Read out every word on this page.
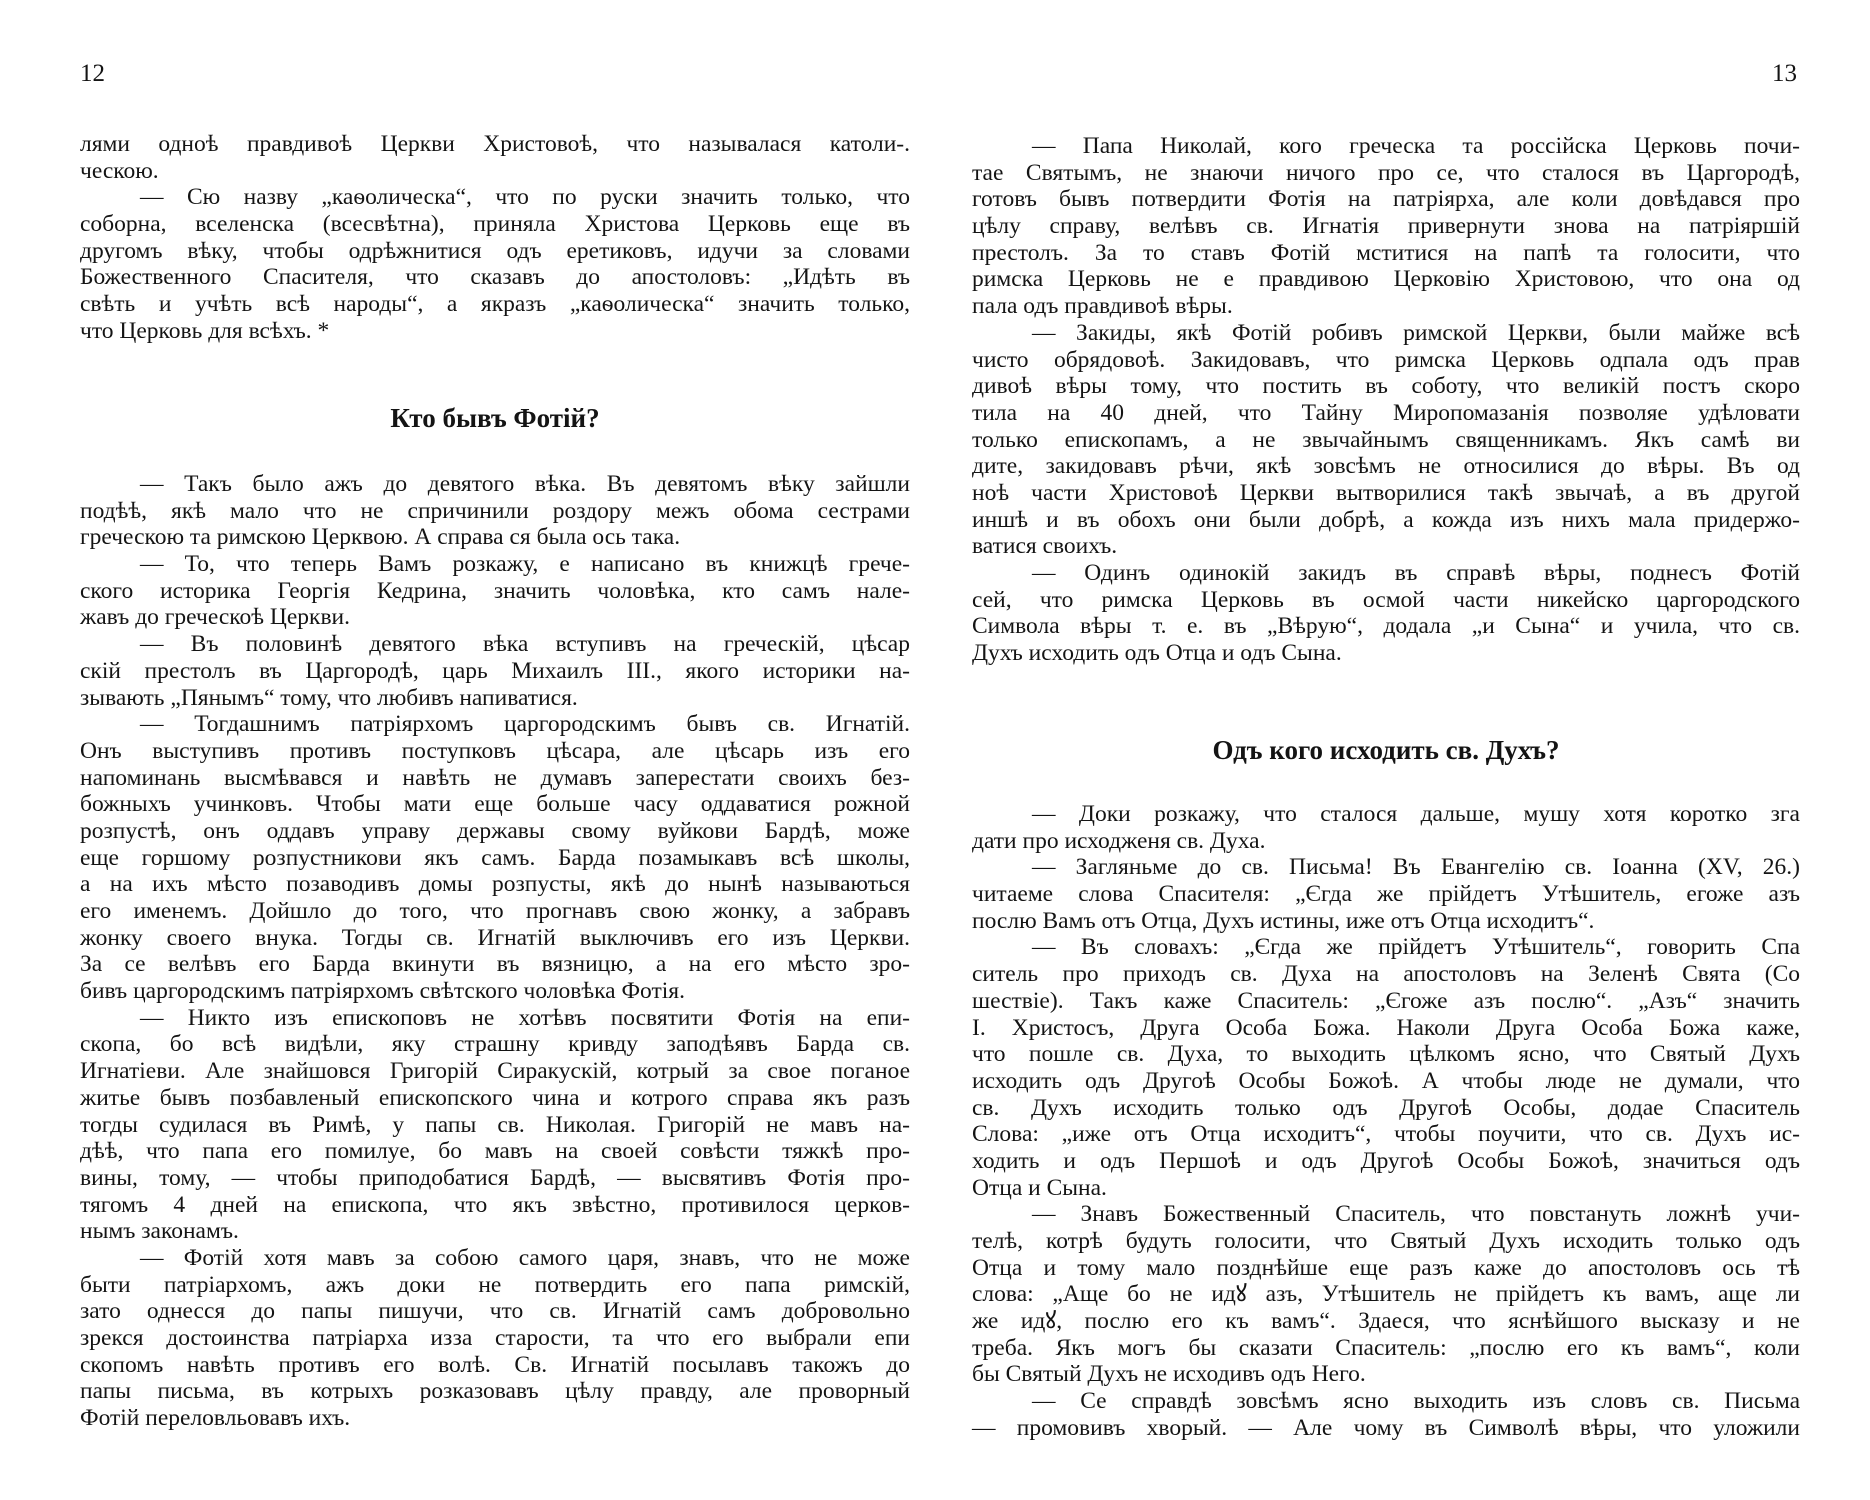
12	13
лями одноѣ правдивоѣ Церкви Христовоѣ, что называлася католи-.
ческою.
— Сю назву „каѳолическа“, что по руски значить только, что
соборна, вселенска (всесвѣтна), приняла Христова Церковь еще въ
другомъ вѣку, чтобы одрѣжнитися одъ еретиковъ, идучи за словами
Божественного Спасителя, что сказавъ до апостоловъ: „Идѣть въ
свѣть и учѣть всѣ народы“, а якразъ „каѳолическа“ значить только,
что Церковь для всѣхъ. *
Кто бывъ Фотій?
— Такъ было ажъ до девятого вѣка. Въ девятомъ вѣку зайшли
подѣѣ, якѣ мало что не спричинили роздору межъ обома сестрами
греческою та римскою Церквою. А справа ся была ось така.
— То, что теперь Вамъ розкажу, е написано въ книжцѣ грече-
ского историка Георгія Кедрина, значить чоловѣка, кто самъ нале-
жавъ до греческоѣ Церкви.
— Въ половинѣ девятого вѣка вступивъ на греческій, цѣсар
скій престолъ въ Царгородѣ, царь Михаилъ III., якого историки на-
зывають „Пянымъ“ тому, что любивъ напиватися.
— Тогдашнимъ патріярхомъ царгородскимъ бывъ св. Игнатій.
Онъ выступивъ противъ поступковъ цѣсара, але цѣсарь изъ его
напоминань высмѣвався и навѣть не думавъ заперестати своихъ без-
божныхъ учинковъ. Чтобы мати еще больше часу оддаватися рожной
розпустѣ, онъ оддавъ управу державы свому вуйкови Бардѣ, може
еще горшому розпустникови якъ самъ. Барда позамыкавъ всѣ школы,
а на ихъ мѣсто позаводивъ домы розпусты, якѣ до нынѣ называються
его именемъ. Дойшло до того, что прогнавъ свою жонку, а забравъ
жонку своего внука. Тогды св. Игнатій выключивъ его изъ Церкви.
За се велѣвъ его Барда вкинути въ вязницю, а на его мѣсто зро-
бивъ царгородскимъ патріярхомъ свѣтского чоловѣка Фотія.
— Никто изъ епископовъ не хотѣвъ посвятити Фотія на епи-
скопа, бо всѣ видѣли, яку страшну кривду заподѣявъ Барда св.
Игнатіеви. Але знайшовся Григорій Сиракускій, котрый за свое поганое
житье бывъ позбавленый епископского чина и котрого справа якъ разъ
тогды судилася въ Римѣ, у папы св. Николая. Григорій не мавъ на-
дѣѣ, что папа его помилуе, бо мавъ на своей совѣсти тяжкѣ про-
вины, тому, — чтобы приподобатися Бардѣ, — высвятивъ Фотія про-
тягомъ 4 дней на епископа, что якъ звѣстно, противилося церков-
нымъ законамъ.
— Фотій хотя мавъ за собою самого царя, знавъ, что не може
быти патріархомъ, ажъ доки не потвердить его папа римскій,
зато однесся до папы пишучи, что св. Игнатій самъ добровольно
зрекся достоинства патріарха изза старости, та что его выбрали епи
скопомъ навѣть противъ его волѣ. Св. Игнатій посылавъ такожъ до
папы письма, въ котрыхъ розказовавъ цѣлу правду, але проворный
Фотій переловльовавъ ихъ.
— Папа Николай, кого греческа та россійска Церковь почи-
тае Святымъ, не знаючи ничого про се, что сталося въ Царгородѣ,
готовъ бывъ потвердити Фотія на патріярха, але коли довѣдався про
цѣлу справу, велѣвъ св. Игнатія привернути знова на патріяршій
престолъ. За то ставъ Фотій мститися на папѣ та голосити, что
римска Церковь не е правдивою Церковію Христовою, что она од
пала одъ правдивоѣ вѣры.
— Закиды, якѣ Фотій робивъ римской Церкви, были майже всѣ
чисто обрядовоѣ. Закидовавъ, что римска Церковь одпала одъ прав
дивоѣ вѣры тому, что постить въ соботу, что великій постъ скоро
тила на 40 дней, что Тайну Миропомазанія позволяе удѣловати
только епископамъ, а не звычайнымъ священникамъ. Якъ самѣ ви
дите, закидовавъ рѣчи, якѣ зовсѣмъ не относилися до вѣры. Въ од
ноѣ части Христовоѣ Церкви вытворилися такѣ звычаѣ, а въ другой
иншѣ и въ обохъ они были добрѣ, а кожда изъ нихъ мала придержо-
ватися своихъ.
— Одинъ одинокій закидъ въ справѣ вѣры, поднесъ Фотій
сей, что римска Церковь въ осмой части никейско царгородского
Символа вѣры т. е. въ „Вѣрую“, додала „и Сына“ и учила, что св.
Духъ исходить одъ Отца и одъ Сына.
Одъ кого исходить св. Духъ?
— Доки розкажу, что сталося дальше, мушу хотя коротко зга
дати про исходженя св. Духа.
— Загляньме до св. Письма! Въ Евангелію св. Іоанна (XV, 26.)
читаеме слова Спасителя: „Єгда же прійдетъ Утѣшитель, егоже азъ
послю Вамъ отъ Отца, Духъ истины, иже отъ Отца исходитъ“.
— Въ словахъ: „Єгда же прійдетъ Утѣшитель“, говорить Спа
ситель про приходъ св. Духа на апостоловъ на Зеленѣ Свята (Со
шествіе). Такъ каже Спаситель: „Єгоже азъ послю“. „Азъ“ значить
І. Христосъ, Друга Особа Божа. Наколи Друга Особа Божа каже,
что пошле св. Духа, то выходить цѣлкомъ ясно, что Святый Духъ
исходить одъ Другоѣ Особы Божоѣ. А чтобы люде не думали, что
св. Духъ исходить только одъ Другоѣ Особы, додае Спаситель
Слова: „иже отъ Отца исходитъ“, чтобы поучити, что св. Духъ ис-
ходить и одъ Першоѣ и одъ Другоѣ Особы Божоѣ, значиться одъ
Отца и Сына.
— Знавъ Божественный Спаситель, что повстануть ложнѣ учи-
телѣ, котрѣ будуть голосити, что Святый Духъ исходить только одъ
Отца и тому мало позднѣйше еще разъ каже до апостоловъ ось тѣ
слова: „Аще бо не идꙋ азъ, Утѣшитель не прійдетъ къ вамъ, аще ли
же идꙋ, послю его къ вамъ“. Здаеся, что яснѣйшого высказу и не
треба. Якъ могъ бы сказати Спаситель: „послю его къ вамъ“, коли
бы Святый Духъ не исходивъ одъ Него.
— Се справдѣ зовсѣмъ ясно выходить изъ словъ св. Письма
— промовивъ хворый. — Але чому въ Символѣ вѣры, что уложили
